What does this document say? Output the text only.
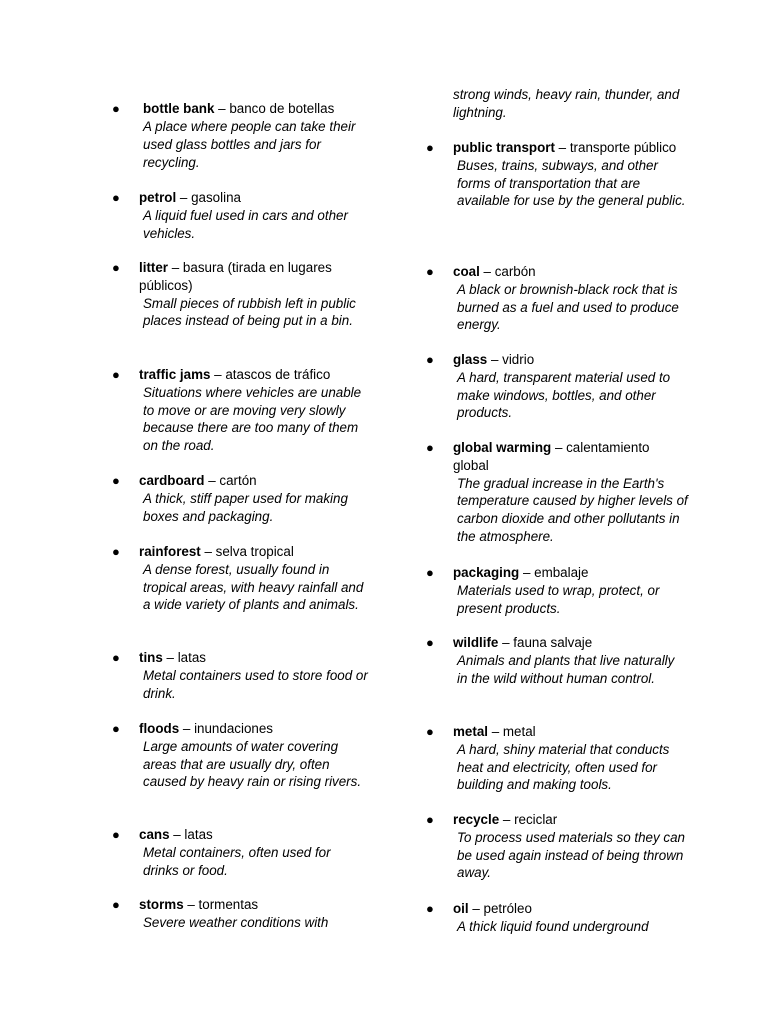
● bottle bank – banco de botellas
A place where people can take their used glass bottles and jars for recycling.
● petrol – gasolina
A liquid fuel used in cars and other vehicles.
● litter – basura (tirada en lugares públicos)
Small pieces of rubbish left in public places instead of being put in a bin.
● traffic jams – atascos de tráfico
Situations where vehicles are unable to move or are moving very slowly because there are too many of them on the road.
● cardboard – cartón
A thick, stiff paper used for making boxes and packaging.
● rainforest – selva tropical
A dense forest, usually found in tropical areas, with heavy rainfall and a wide variety of plants and animals.
● tins – latas
Metal containers used to store food or drink.
● floods – inundaciones
Large amounts of water covering areas that are usually dry, often caused by heavy rain or rising rivers.
● cans – latas
Metal containers, often used for drinks or food.
● storms – tormentas
Severe weather conditions with
strong winds, heavy rain, thunder, and lightning.
● public transport – transporte público
Buses, trains, subways, and other forms of transportation that are available for use by the general public.
● coal – carbón
A black or brownish-black rock that is burned as a fuel and used to produce energy.
● glass – vidrio
A hard, transparent material used to make windows, bottles, and other products.
● global warming – calentamiento global
The gradual increase in the Earth's temperature caused by higher levels of carbon dioxide and other pollutants in the atmosphere.
● packaging – embalaje
Materials used to wrap, protect, or present products.
● wildlife – fauna salvaje
Animals and plants that live naturally in the wild without human control.
● metal – metal
A hard, shiny material that conducts heat and electricity, often used for building and making tools.
● recycle – reciclar
To process used materials so they can be used again instead of being thrown away.
● oil – petróleo
A thick liquid found underground
